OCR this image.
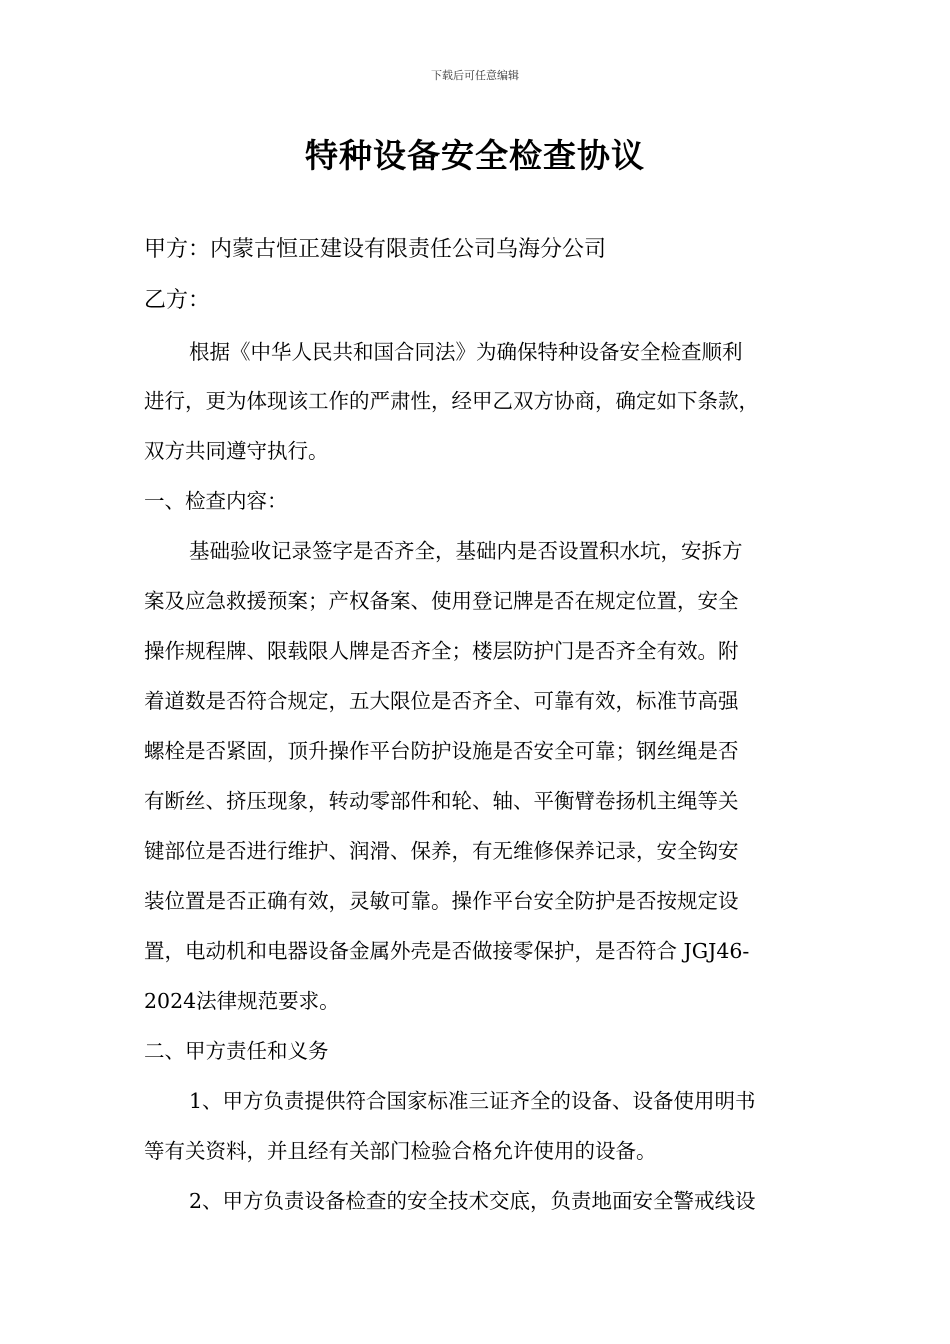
下载后可任意编辑
特种设备安全检查协议
甲方：内蒙古恒正建设有限责任公司乌海分公司
乙方：
根据《中华人民共和国合同法》为确保特种设备安全检查顺利
进行，更为体现该工作的严肃性，经甲乙双方协商，确定如下条款，
双方共同遵守执行。
一、检查内容：
基础验收记录签字是否齐全，基础内是否设置积水坑，安拆方
案及应急救援预案；产权备案、使用登记牌是否在规定位置，安全
操作规程牌、限载限人牌是否齐全；楼层防护门是否齐全有效。附
着道数是否符合规定，五大限位是否齐全、可靠有效，标准节高强
螺栓是否紧固，顶升操作平台防护设施是否安全可靠；钢丝绳是否
有断丝、挤压现象，转动零部件和轮、轴、平衡臂卷扬机主绳等关
键部位是否进行维护、润滑、保养，有无维修保养记录，安全钩安
装位置是否正确有效，灵敏可靠。操作平台安全防护是否按规定设
置，电动机和电器设备金属外壳是否做接零保护，是否符合 JGJ46-
2024法律规范要求。
二、甲方责任和义务
1、甲方负责提供符合国家标准三证齐全的设备、设备使用明书
等有关资料，并且经有关部门检验合格允许使用的设备。
2、甲方负责设备检查的安全技术交底，负责地面安全警戒线设
